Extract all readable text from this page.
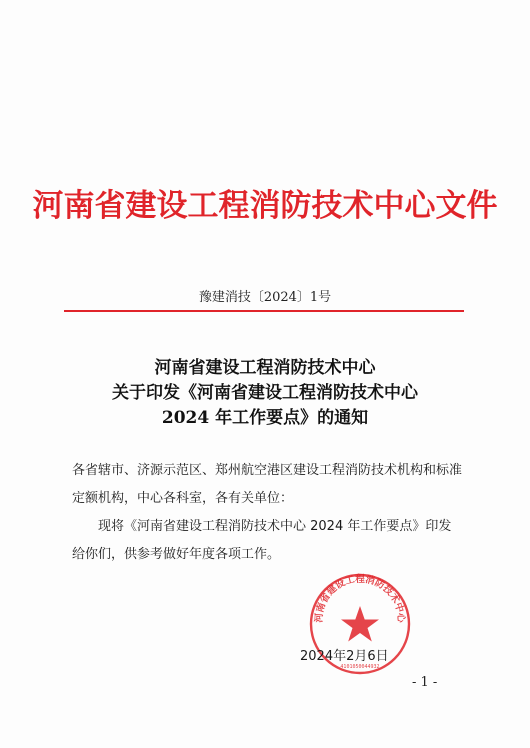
河南省建设工程消防技术中心文件
豫建消技〔2024〕1号
河南省建设工程消防技术中心
关于印发《河南省建设工程消防技术中心
2024 年工作要点》的通知
各省辖市、济源示范区、郑州航空港区建设工程消防技术机构和标准定额机构，中心各科室，各有关单位：
现将《河南省建设工程消防技术中心 2024 年工作要点》印发给你们，供参考做好年度各项工作。
河南省建设工程消防技术中心
4101050044932
2024年2月6日
- 1 -
